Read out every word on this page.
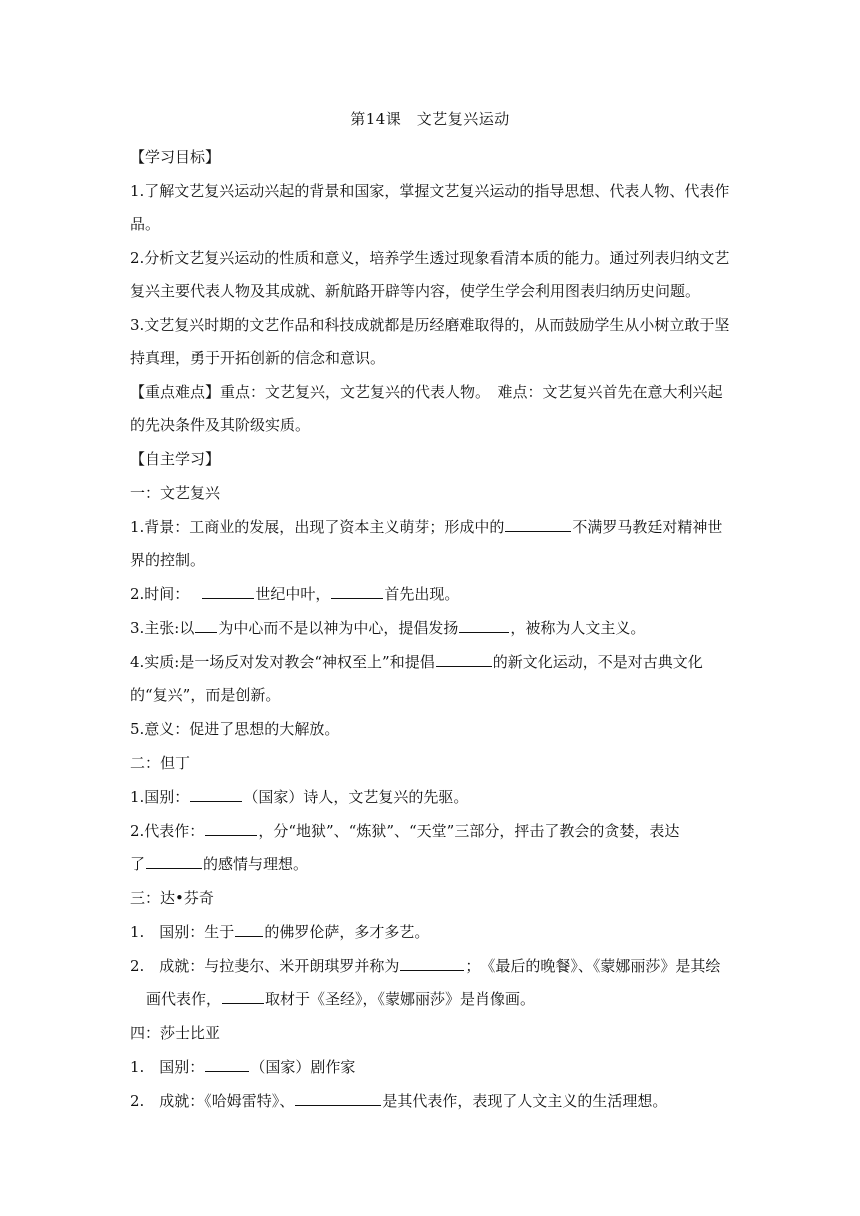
第14课　文艺复兴运动
【学习目标】
1.了解文艺复兴运动兴起的背景和国家，掌握文艺复兴运动的指导思想、代表人物、代表作
品。
2.分析文艺复兴运动的性质和意义，培养学生透过现象看清本质的能力。通过列表归纳文艺
复兴主要代表人物及其成就、新航路开辟等内容，使学生学会利用图表归纳历史问题。
3.文艺复兴时期的文艺作品和科技成就都是历经磨难取得的，从而鼓励学生从小树立敢于坚
持真理，勇于开拓创新的信念和意识。
【重点难点】重点：文艺复兴，文艺复兴的代表人物。　难点：文艺复兴首先在意大利兴起
的先决条件及其阶级实质。
【自主学习】
一：文艺复兴
1.背景：工商业的发展，出现了资本主义萌芽；形成中的	不满罗马教廷对精神世
界的控制。
2.时间：	世纪中叶，	首先出现。
3.主张:以 为中心而不是以神为中心，提倡发扬	，被称为人文主义。
4.实质:是一场反对发对教会“神权至上”和提倡	的新文化运动，不是对古典文化
的“复兴”，而是创新。
5.意义：促进了思想的大解放。
二：但丁
1.国别：	（国家）诗人，文艺复兴的先驱。
2.代表作：	，分“地狱”、“炼狱”、“天堂”三部分，抨击了教会的贪婪，表达
了	的感情与理想。
三：达•芬奇
1.　国别：生于 的佛罗伦萨，多才多艺。
2.　成就：与拉斐尔、米开朗琪罗并称为	；　《最后的晚餐》、《蒙娜丽莎》是其绘
画代表作，	取材于《圣经》，《蒙娜丽莎》是肖像画。
四：莎士比亚
1.　国别：	（国家）剧作家
2.　成就：《哈姆雷特》、	是其代表作，表现了人文主义的生活理想。
